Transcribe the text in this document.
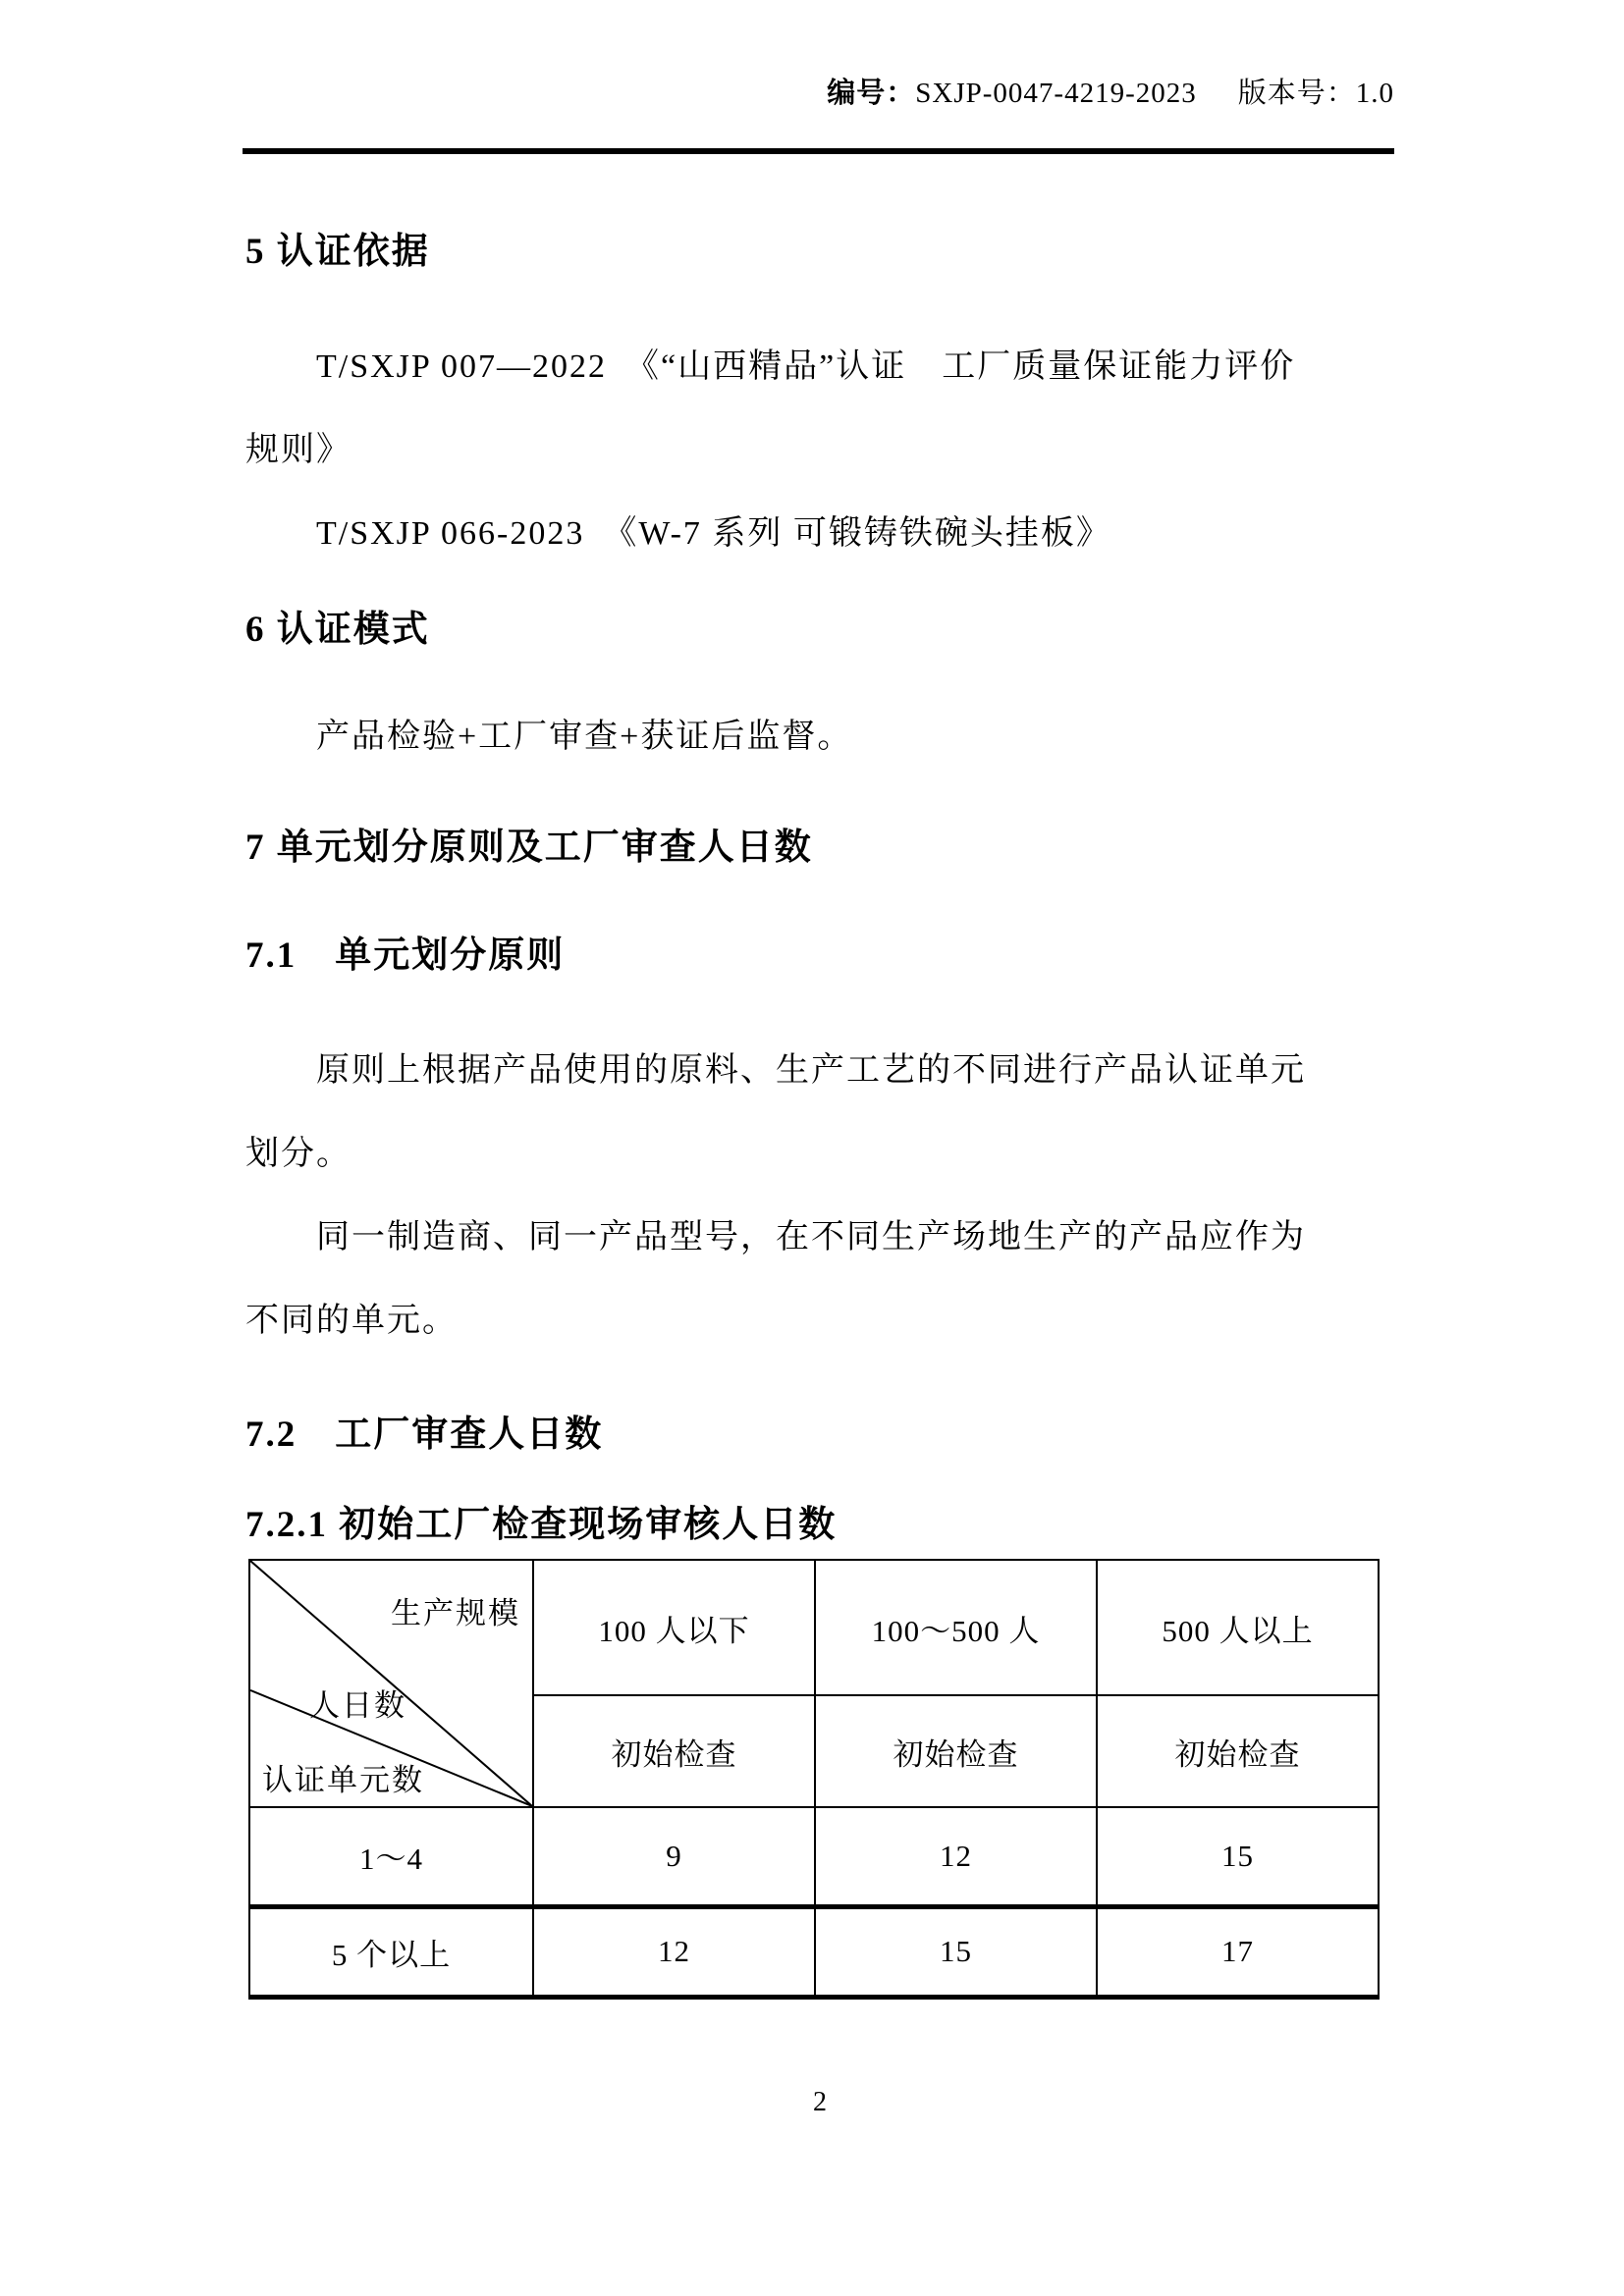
编号：SXJP-0047-4219-2023 版本号：1.0
5 认证依据
T/SXJP 007—2022　《“山西精品”认证　工厂质量保证能力评价
规则》
T/SXJP 066-2023　《W-7 系列 可锻铸铁碗头挂板》
6 认证模式
产品检验+工厂审查+获证后监督。
7 单元划分原则及工厂审查人日数
7.1　单元划分原则
原则上根据产品使用的原料、生产工艺的不同进行产品认证单元
划分。
同一制造商、同一产品型号，在不同生产场地生产的产品应作为
不同的单元。
7.2　工厂审查人日数
7.2.1 初始工厂检查现场审核人日数
生产规模
人日数
认证单元数	100 人以下	100～500 人	500 人以上
	初始检查	初始检查	初始检查
1～4	9	12	15
5 个以上	12	15	17
2
